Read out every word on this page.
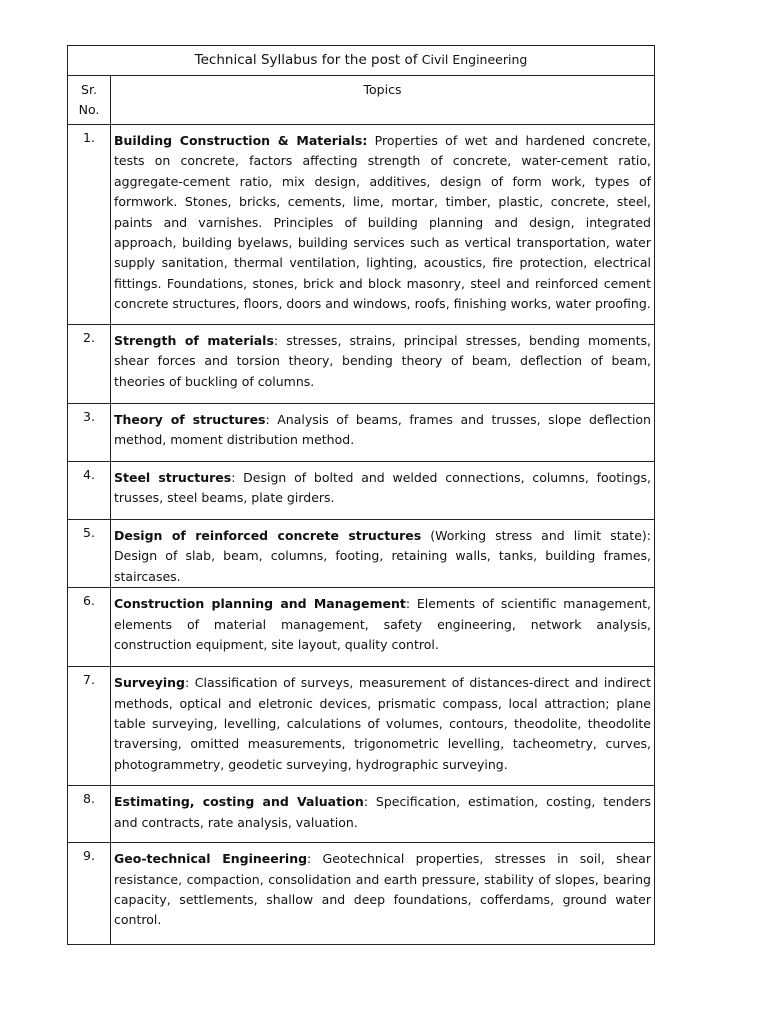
Technical Syllabus for the post of Civil Engineering	
Sr.
No.	Topics
1.	Building Construction & Materials: Properties of wet and hardened concrete, tests on concrete, factors affecting strength of concrete, water-cement ratio, aggregate-cement ratio, mix design, additives, design of form work, types of formwork. Stones, bricks, cements, lime, mortar, timber, plastic, concrete, steel, paints and varnishes. Principles of building planning and design, integrated approach, building byelaws, building services such as vertical transportation, water supply sanitation, thermal ventilation, lighting, acoustics, fire protection, electrical fittings. Foundations, stones, brick and block masonry, steel and reinforced cement concrete structures, floors, doors and windows, roofs, finishing works, water proofing.
2.	Strength of materials: stresses, strains, principal stresses, bending moments, shear forces and torsion theory, bending theory of beam, deflection of beam, theories of buckling of columns.
3.	Theory of structures: Analysis of beams, frames and trusses, slope deflection method, moment distribution method.
4.	Steel structures: Design of bolted and welded connections, columns, footings, trusses, steel beams, plate girders.
5.	Design of reinforced concrete structures (Working stress and limit state): Design of slab, beam, columns, footing, retaining walls, tanks, building frames, staircases.
6.	Construction planning and Management: Elements of scientific management, elements of material management, safety engineering, network analysis, construction equipment, site layout, quality control.
7.	Surveying: Classification of surveys, measurement of distances-direct and indirect methods, optical and eletronic devices, prismatic compass, local attraction; plane table surveying, levelling, calculations of volumes, contours, theodolite, theodolite traversing, omitted measurements, trigonometric levelling, tacheometry, curves, photogrammetry, geodetic surveying, hydrographic surveying.
8.	Estimating, costing and Valuation: Specification, estimation, costing, tenders and contracts, rate analysis, valuation.
9.	Geo-technical Engineering: Geotechnical properties, stresses in soil, shear resistance, compaction, consolidation and earth pressure, stability of slopes, bearing capacity, settlements, shallow and deep foundations, cofferdams, ground water control.
